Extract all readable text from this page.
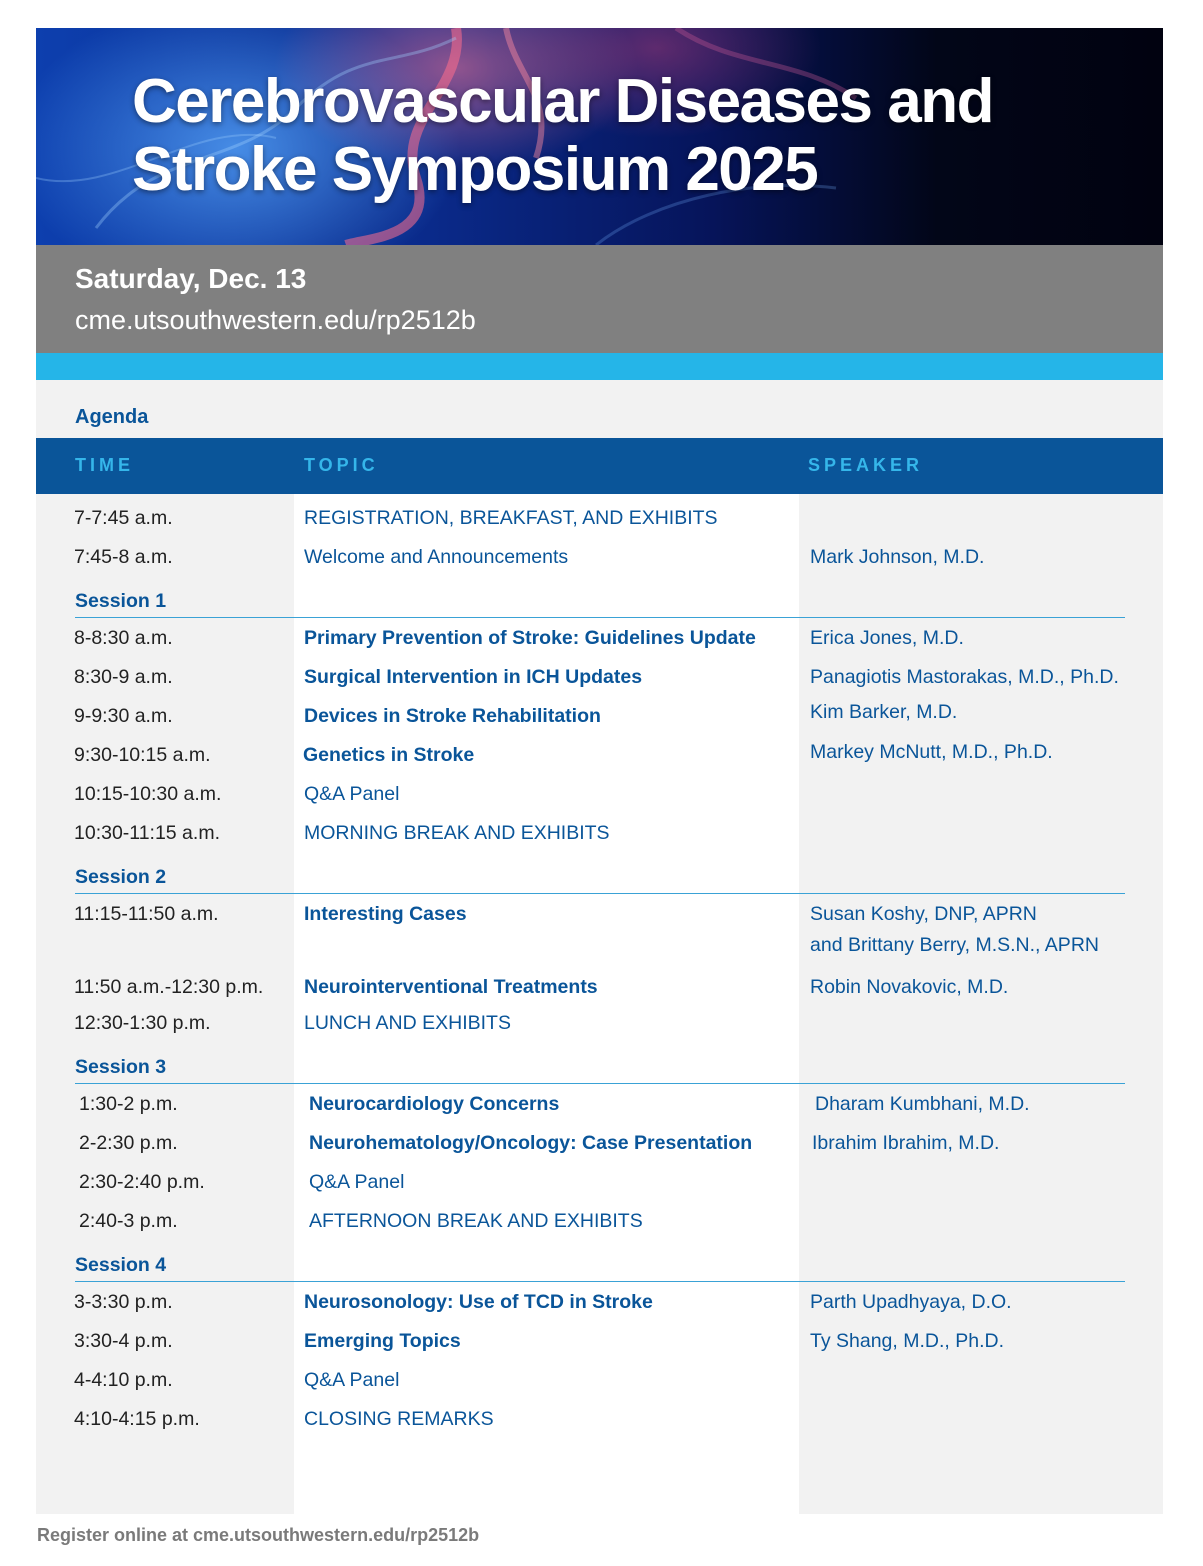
Cerebrovascular Diseases and
Stroke Symposium 2025
Saturday, Dec. 13
cme.utsouthwestern.edu/rp2512b
Agenda
TIME	TOPIC	SPEAKER
7-7:45 a.m.	REGISTRATION, BREAKFAST, AND EXHIBITS
7:45-8 a.m.	Welcome and Announcements	Mark Johnson, M.D.
Session 1
8-8:30 a.m.	Primary Prevention of Stroke: Guidelines Update	Erica Jones, M.D.
8:30-9 a.m.	Surgical Intervention in ICH Updates	Panagiotis Mastorakas, M.D., Ph.D.
9-9:30 a.m.	Devices in Stroke Rehabilitation	Kim Barker, M.D.
9:30-10:15 a.m.	Genetics in Stroke	Markey McNutt, M.D., Ph.D.
10:15-10:30 a.m.	Q&A Panel
10:30-11:15 a.m.	MORNING BREAK AND EXHIBITS
Session 2
11:15-11:50 a.m.	Interesting Cases	Susan Koshy, DNP, APRN
and Brittany Berry, M.S.N., APRN
11:50 a.m.-12:30 p.m. Neurointerventional Treatments	Robin Novakovic, M.D.
12:30-1:30 p.m.	LUNCH AND EXHIBITS
Session 3
1:30-2 p.m.	Neurocardiology Concerns	Dharam Kumbhani, M.D.
2-2:30 p.m.	Neurohematology/Oncology: Case Presentation	Ibrahim Ibrahim, M.D.
2:30-2:40 p.m.	Q&A Panel
2:40-3 p.m.	AFTERNOON BREAK AND EXHIBITS
Session 4
3-3:30 p.m.	Neurosonology: Use of TCD in Stroke	Parth Upadhyaya, D.O.
3:30-4 p.m.	Emerging Topics	Ty Shang, M.D., Ph.D.
4-4:10 p.m.	Q&A Panel
4:10-4:15 p.m.	CLOSING REMARKS
Register online at cme.utsouthwestern.edu/rp2512b
